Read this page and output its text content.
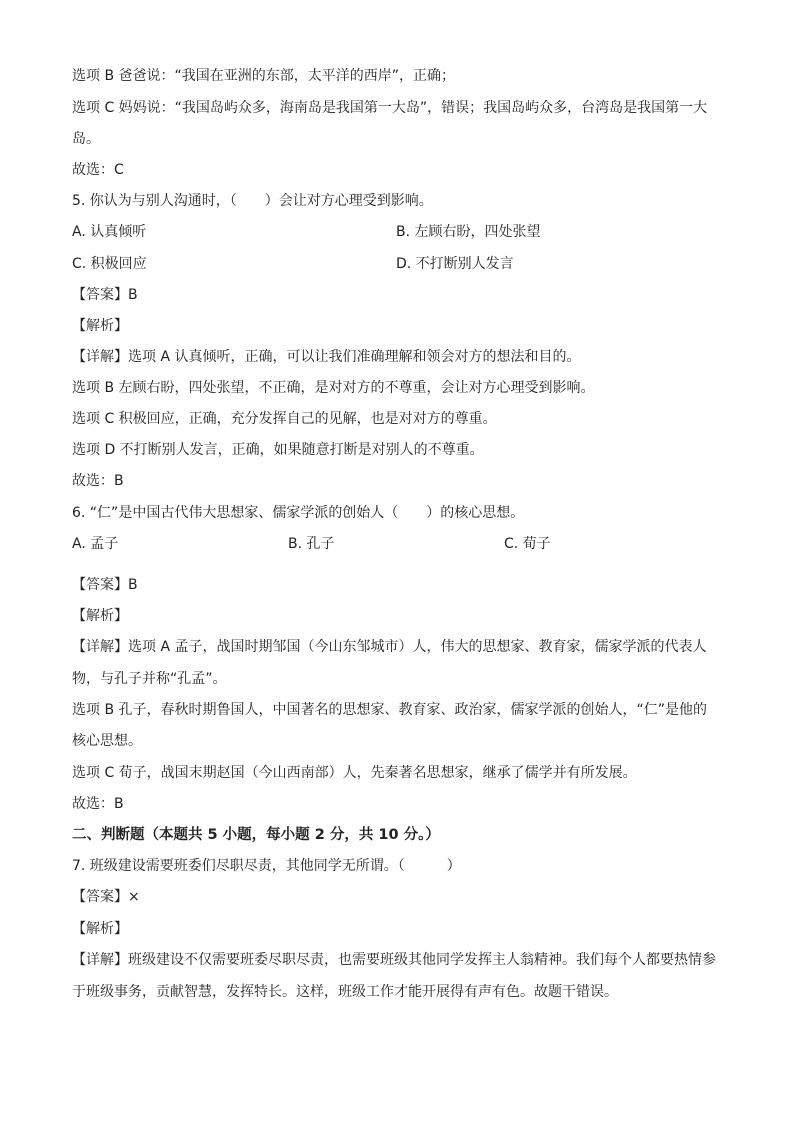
选项 B 爸爸说：“我国在亚洲的东部，太平洋的西岸”，正确；
选项 C 妈妈说：“我国岛屿众多，海南岛是我国第一大岛”，错误；我国岛屿众多，台湾岛是我国第一大
岛。
故选：C
5. 你认为与别人沟通时，（　　）会让对方心理受到影响。
A. 认真倾听	B. 左顾右盼，四处张望
C. 积极回应	D. 不打断别人发言
【答案】B
【解析】
【详解】选项 A 认真倾听，正确，可以让我们准确理解和领会对方的想法和目的。
选项 B 左顾右盼，四处张望，不正确，是对对方的不尊重，会让对方心理受到影响。
选项 C 积极回应，正确，充分发挥自己的见解，也是对对方的尊重。
选项 D 不打断别人发言，正确，如果随意打断是对别人的不尊重。
故选：B
6. “仁”是中国古代伟大思想家、儒家学派的创始人（　　）的核心思想。
A. 孟子	B. 孔子	C. 荀子
【答案】B
【解析】
【详解】选项 A 孟子，战国时期邹国（今山东邹城市）人，伟大的思想家、教育家，儒家学派的代表人
物，与孔子并称“孔孟”。
选项 B 孔子，春秋时期鲁国人，中国著名的思想家、教育家、政治家，儒家学派的创始人，“仁”是他的
核心思想。
选项 C 荀子，战国末期赵国（今山西南部）人，先秦著名思想家，继承了儒学并有所发展。
故选：B
二、判断题（本题共 5 小题，每小题 2 分，共 10 分。）
7. 班级建设需要班委们尽职尽责，其他同学无所谓。（　　　）
【答案】×
【解析】
【详解】班级建设不仅需要班委尽职尽责，也需要班级其他同学发挥主人翁精神。我们每个人都要热情参
于班级事务，贡献智慧，发挥特长。这样，班级工作才能开展得有声有色。故题干错误。
